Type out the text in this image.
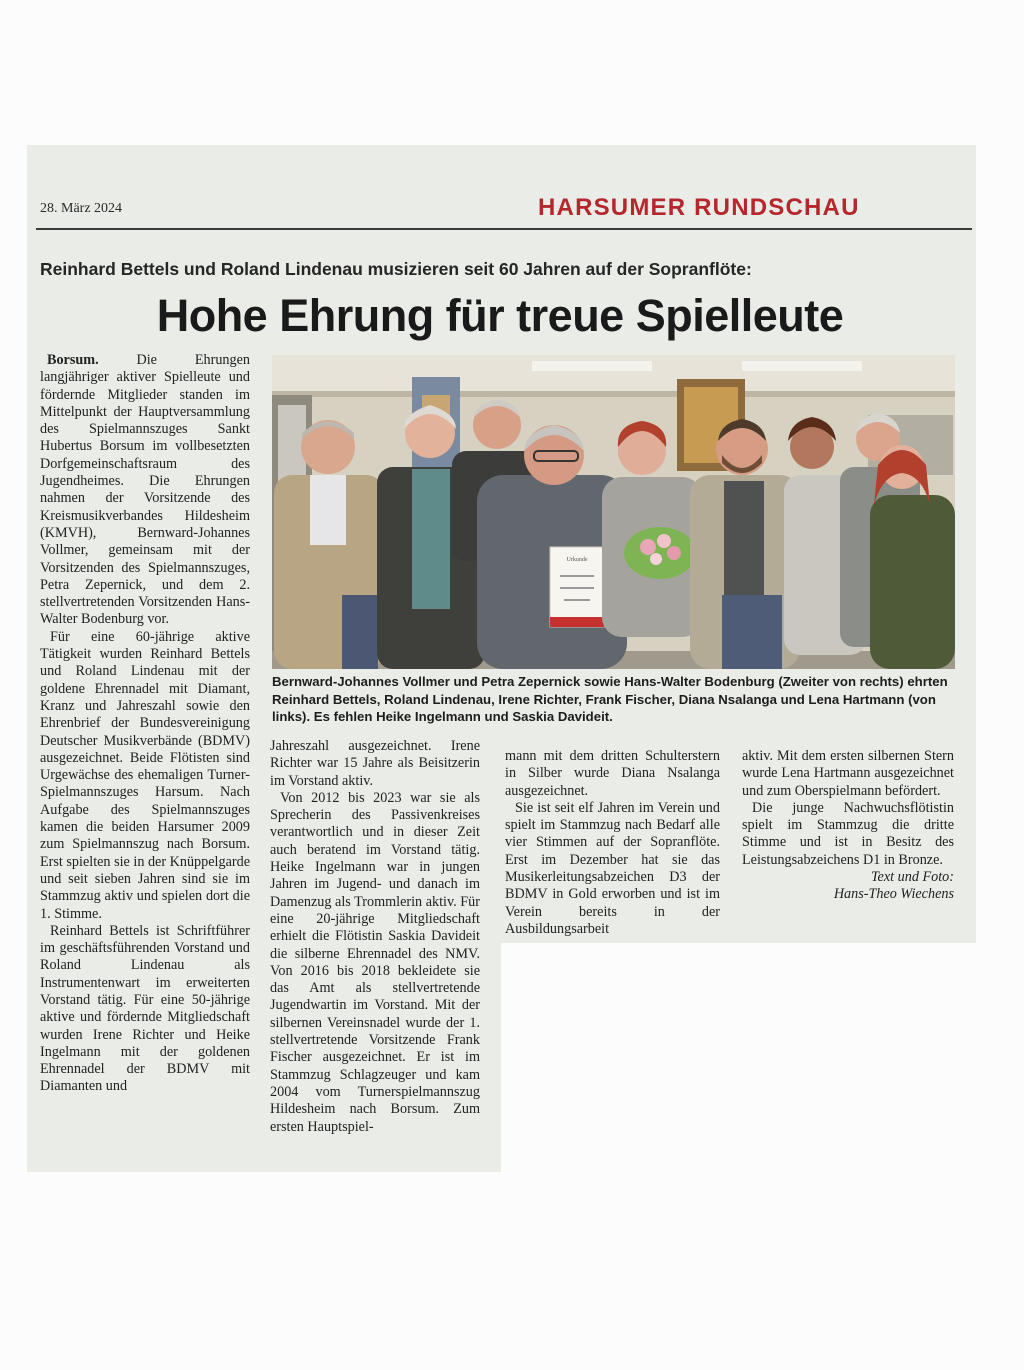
28. März 2024	HARSUMER RUNDSCHAU
Reinhard Bettels und Roland Lindenau musizieren seit 60 Jahren auf der Sopranflöte:
Hohe Ehrung für treue Spielleute

Borsum. Die Ehrungen langjähriger aktiver Spielleute und fördernde Mitglieder standen im Mittelpunkt der Hauptversammlung des Spielmannszuges Sankt Hubertus Borsum im vollbesetzten Dorfgemeinschaftsraum des Jugendheimes. Die Ehrungen nahmen der Vorsitzende des Kreismusikverbandes Hildesheim (KMVH), Bernward-Johannes Vollmer, gemeinsam mit der Vorsitzenden des Spielmannszuges, Petra Zepernick, und dem 2. stellvertretenden Vorsitzenden Hans-Walter Bodenburg vor.

Für eine 60-jährige aktive Tätigkeit wurden Reinhard Bettels und Roland Lindenau mit der goldene Ehrennadel mit Diamant, Kranz und Jahreszahl sowie den Ehrenbrief der Bundesvereinigung Deutscher Musikverbände (BDMV) ausgezeichnet. Beide Flötisten sind Urgewächse des ehemaligen Turner-Spielmannszuges Harsum. Nach Aufgabe des Spielmannszuges kamen die beiden Harsumer 2009 zum Spielmannszug nach Borsum. Erst spielten sie in der Knüppelgarde und seit sieben Jahren sind sie im Stammzug aktiv und spielen dort die 1. Stimme.

Reinhard Bettels ist Schriftführer im geschäftsführenden Vorstand und Roland Lindenau als Instrumentenwart im erweiterten Vorstand tätig. Für eine 50-jährige aktive und fördernde Mitgliedschaft wurden Irene Richter und Heike Ingelmann mit der goldenen Ehrennadel der BDMV mit Diamanten und

Urkunde
Bernward-Johannes Vollmer und Petra Zepernick sowie Hans-Walter Bodenburg (Zweiter von rechts) ehrten Reinhard Bettels, Roland Lindenau, Irene Richter, Frank Fischer, Diana Nsalanga und Lena Hartmann (von links). Es fehlen Heike Ingelmann und Saskia Davideit.

Jahreszahl ausgezeichnet. Irene Richter war 15 Jahre als Beisitzerin im Vorstand aktiv.

Von 2012 bis 2023 war sie als Sprecherin des Passivenkreises verantwortlich und in dieser Zeit auch beratend im Vorstand tätig. Heike Ingelmann war in jungen Jahren im Jugend- und danach im Damenzug als Trommlerin aktiv. Für eine 20-jährige Mitgliedschaft erhielt die Flötistin Saskia Davideit die silberne Ehrennadel des NMV. Von 2016 bis 2018 bekleidete sie das Amt als stellvertretende Jugendwartin im Vorstand. Mit der silbernen Vereinsnadel wurde der 1. stellvertretende Vorsitzende Frank Fischer ausgezeichnet. Er ist im Stammzug Schlagzeuger und kam 2004 vom Turnerspielmannszug Hildesheim nach Borsum. Zum ersten Hauptspiel-

mann mit dem dritten Schulterstern in Silber wurde Diana Nsalanga ausgezeichnet.

Sie ist seit elf Jahren im Verein und spielt im Stammzug nach Bedarf alle vier Stimmen auf der Sopranflöte. Erst im Dezember hat sie das Musikerleitungsabzeichen D3 der BDMV in Gold erworben und ist im Verein bereits in der Ausbildungsarbeit

aktiv. Mit dem ersten silbernen Stern wurde Lena Hartmann ausgezeichnet und zum Oberspielmann befördert.

Die junge Nachwuchsflötistin spielt im Stammzug die dritte Stimme und ist in Besitz des Leistungsabzeichens D1 in Bronze.

Text und Foto:
Hans-Theo Wiechens
